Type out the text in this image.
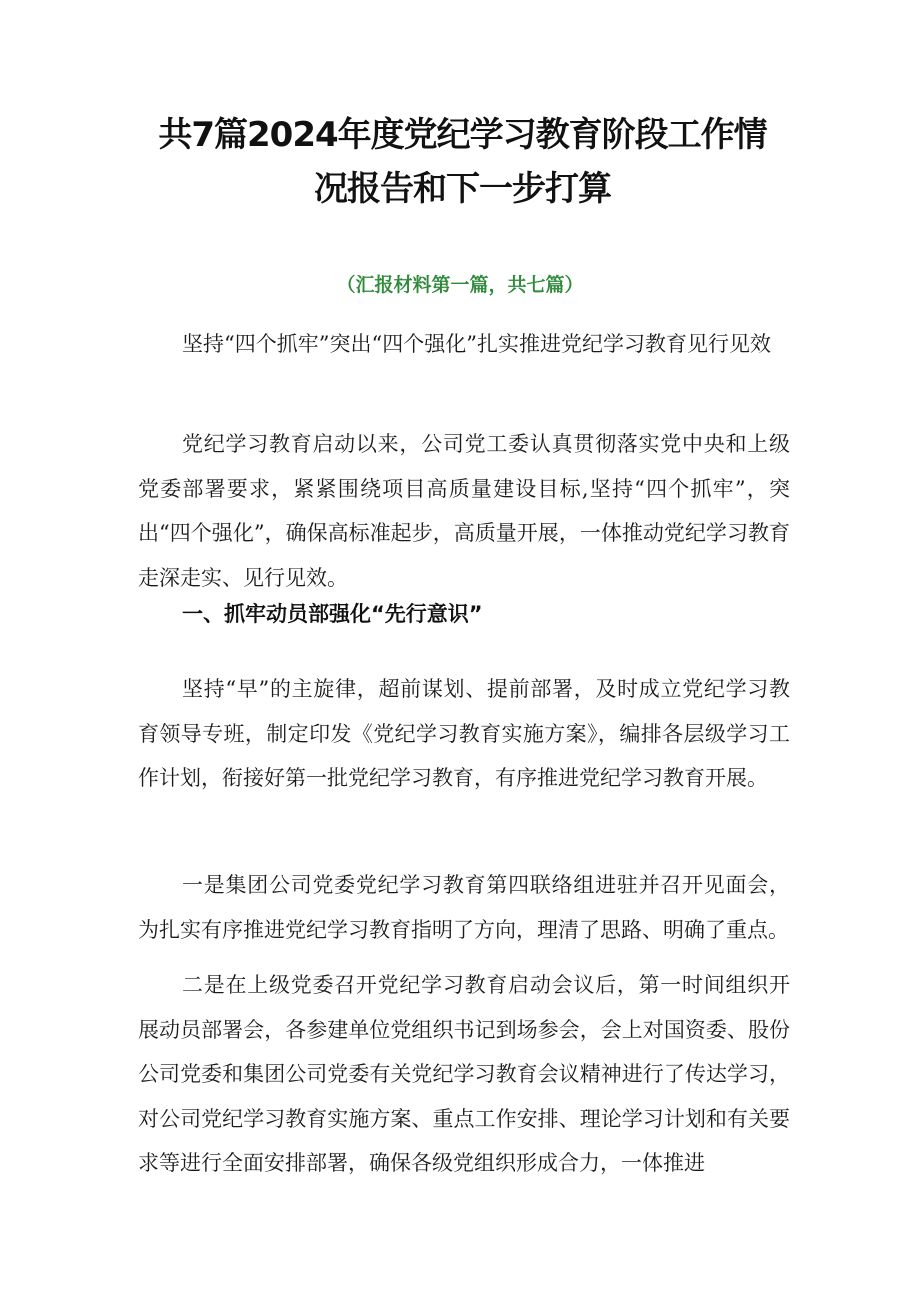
共7篇2024年度党纪学习教育阶段工作情况报告和下一步打算
（汇报材料第一篇，共七篇）

坚持“四个抓牢”突出“四个强化”扎实推进党纪学习教育见行见效

党纪学习教育启动以来，公司党工委认真贯彻落实党中央和上级党委部署要求，紧紧围绕项目高质量建设目标,坚持“四个抓牢”，突出“四个强化”，确保高标准起步，高质量开展，一体推动党纪学习教育走深走实、见行见效。

一、抓牢动员部强化“先行意识”

坚持“早”的主旋律，超前谋划、提前部署，及时成立党纪学习教育领导专班，制定印发《党纪学习教育实施方案》，编排各层级学习工作计划，衔接好第一批党纪学习教育，有序推进党纪学习教育开展。

一是集团公司党委党纪学习教育第四联络组进驻并召开见面会，为扎实有序推进党纪学习教育指明了方向，理清了思路、明确了重点。

二是在上级党委召开党纪学习教育启动会议后，第一时间组织开展动员部署会，各参建单位党组织书记到场参会，会上对国资委、股份公司党委和集团公司党委有关党纪学习教育会议精神进行了传达学习，对公司党纪学习教育实施方案、重点工作安排、理论学习计划和有关要求等进行全面安排部署，确保各级党组织形成合力，一体推进
